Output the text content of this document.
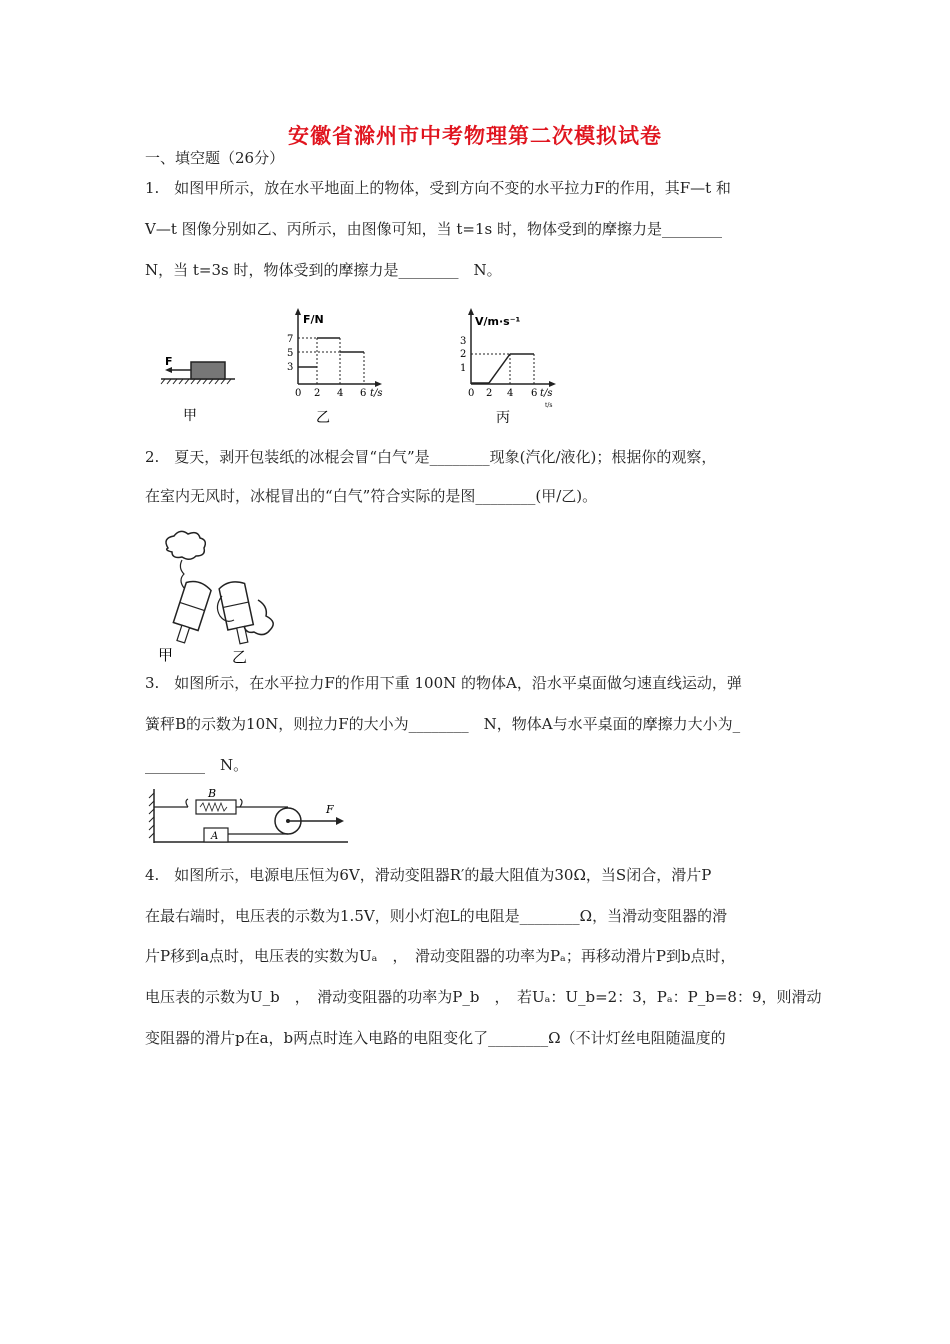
安徽省滁州市中考物理第二次模拟试卷
一、填空题（26分）
1.　如图甲所示，放在水平地面上的物体，受到方向不变的水平拉力F的作用，其F—t 和
V—t 图像分别如乙、丙所示，由图像可知，当 t=1s 时，物体受到的摩擦力是________
N，当 t=3s 时，物体受到的摩擦力是________　N。
F
甲
F/N
7
5
3
0 2 4 6 t/s
乙
V/m·s⁻¹
3
2
1
0 2 4 6 t/s
t/s
丙
2.　夏天，剥开包装纸的冰棍会冒“白气”是________现象(汽化/液化)；根据你的观察，
在室内无风时，冰棍冒出的“白气”符合实际的是图________(甲/乙)。
甲	乙
3.　如图所示，在水平拉力F的作用下重 100N 的物体A，沿水平桌面做匀速直线运动，弹
簧秤B的示数为10N，则拉力F的大小为________　N，物体A与水平桌面的摩擦力大小为_
________　N。
B
A
F
4.　如图所示，电源电压恒为6V，滑动变阻器R′的最大阻值为30Ω，当S闭合，滑片P
在最右端时，电压表的示数为1.5V，则小灯泡L的电阻是________Ω，当滑动变阻器的滑
片P移到a点时，电压表的实数为Uₐ　，　滑动变阻器的功率为Pₐ；再移动滑片P到b点时，
电压表的示数为U_b　，　滑动变阻器的功率为P_b　，　若Uₐ：U_b=2：3，Pₐ：P_b=8：9，则滑动
变阻器的滑片p在a，b两点时连入电路的电阻变化了________Ω（不计灯丝电阻随温度的
